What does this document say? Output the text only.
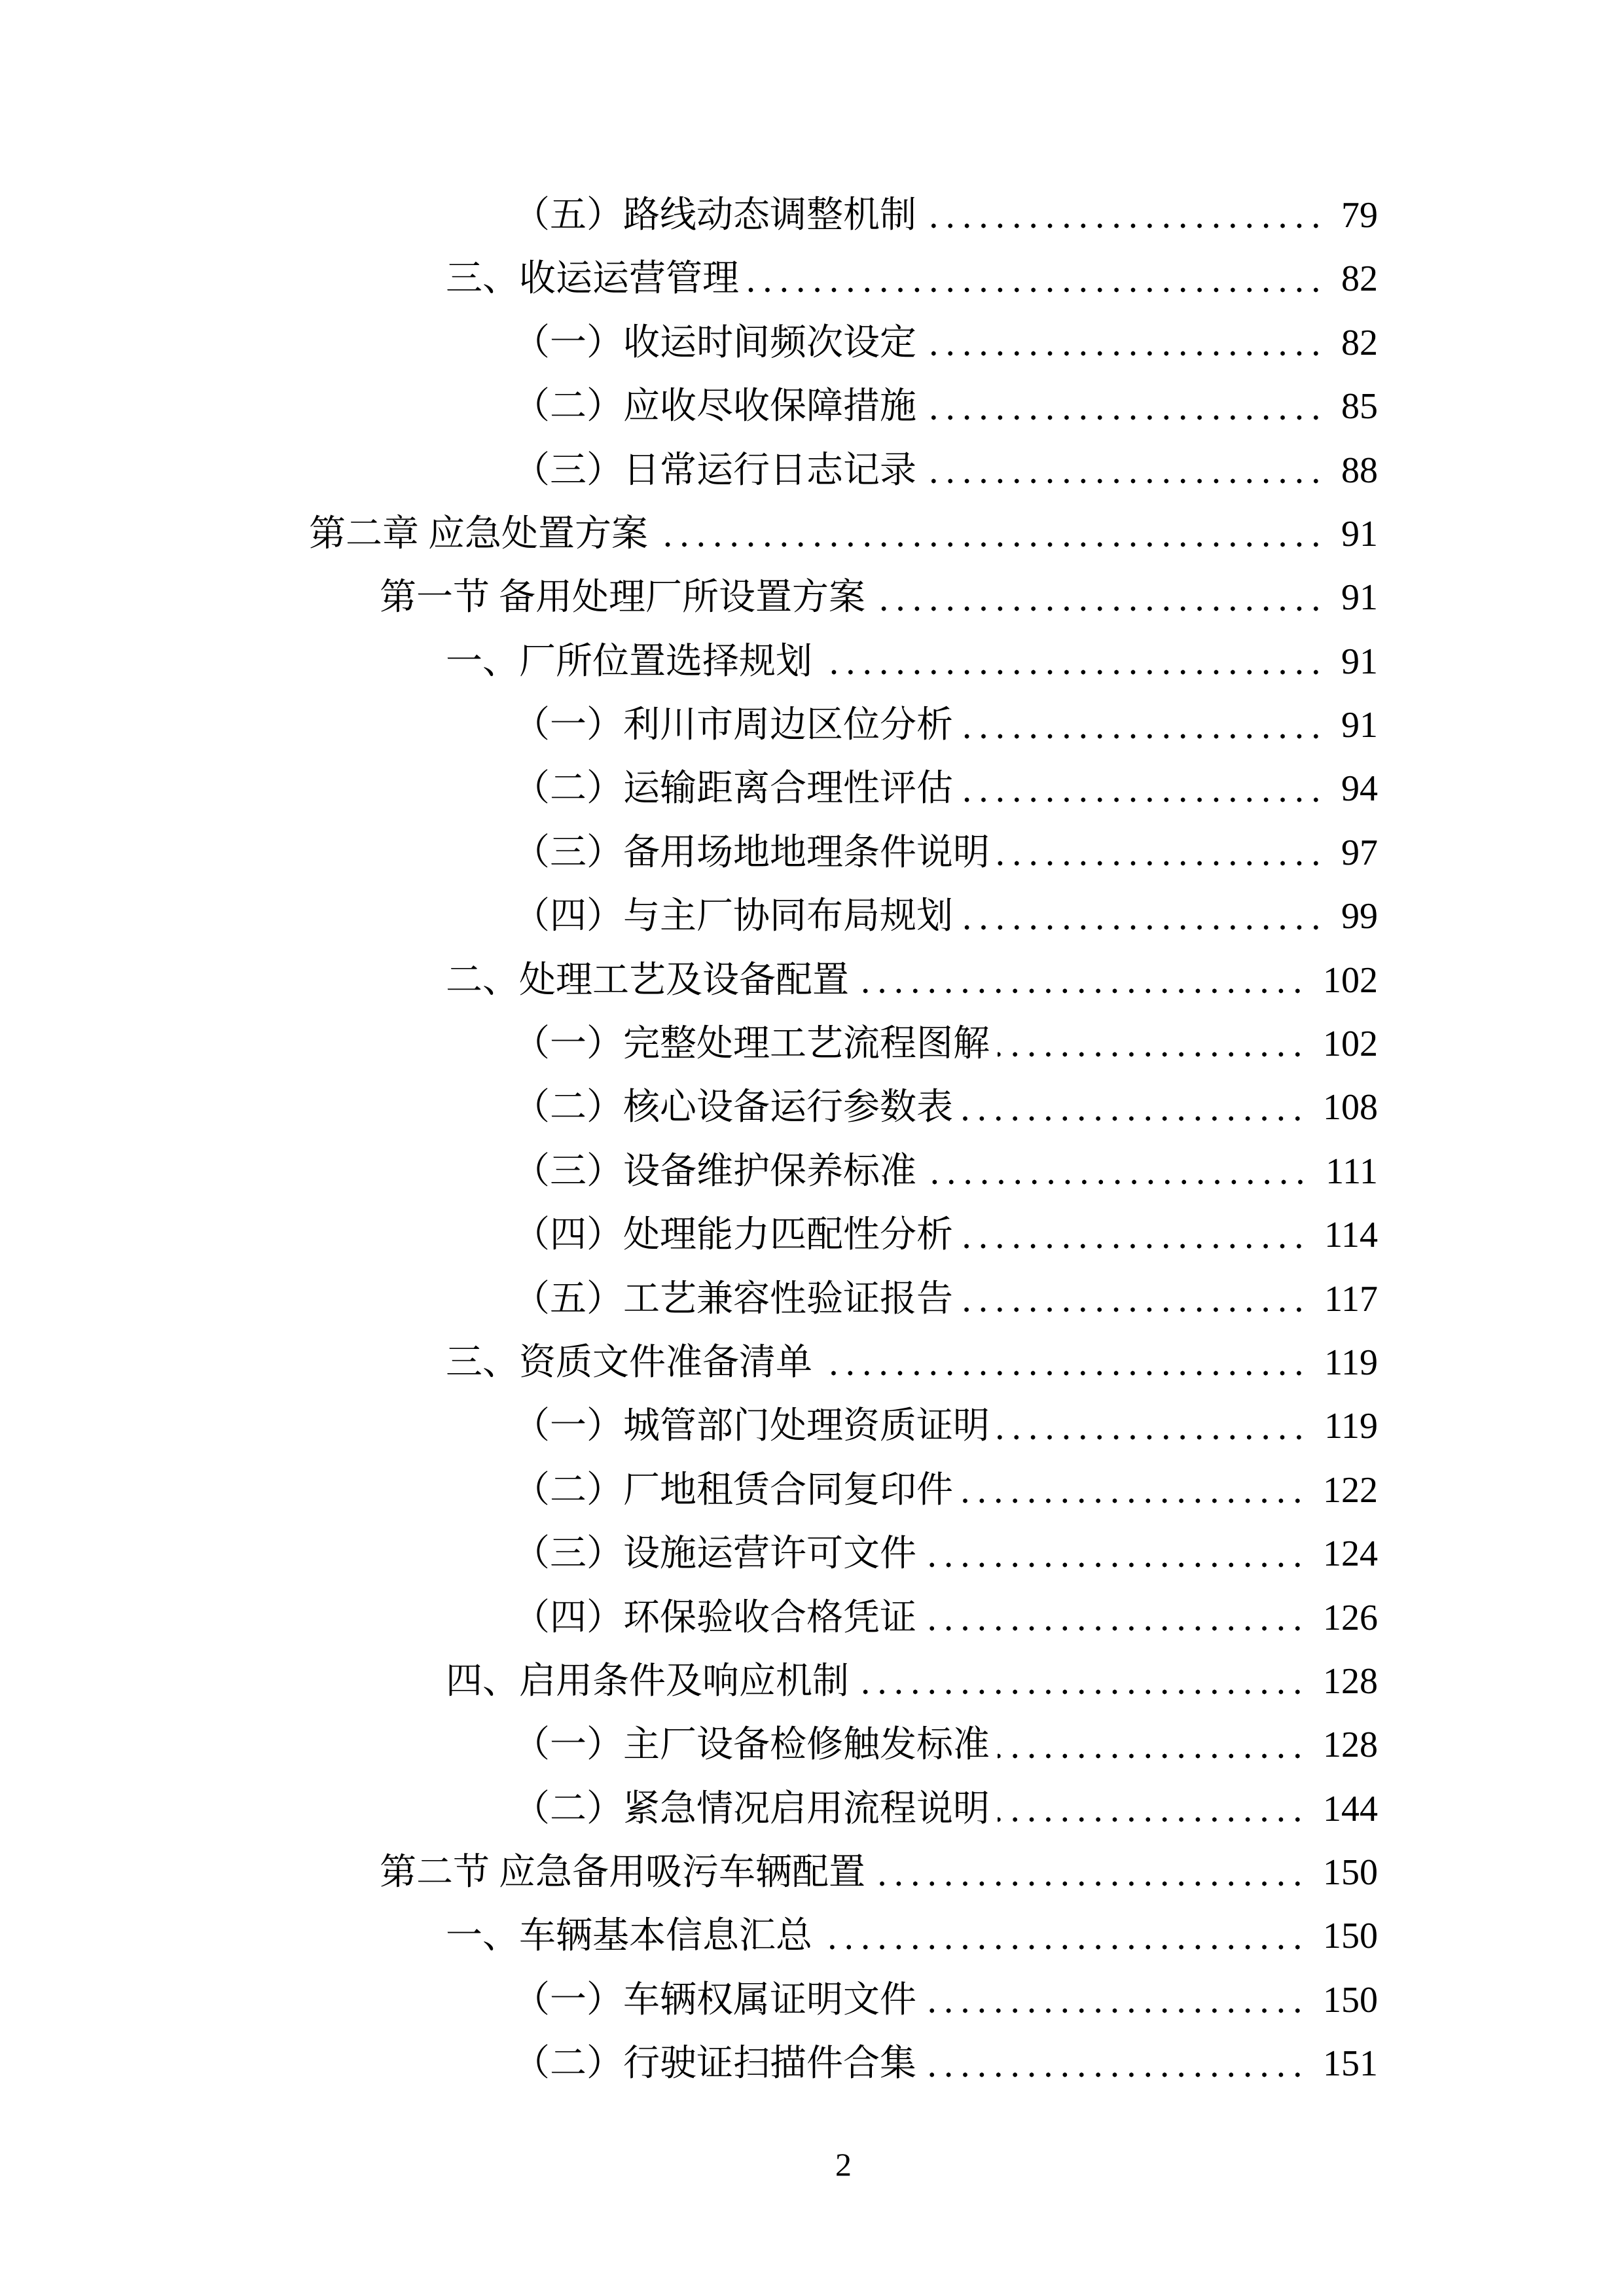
（五）路线动态调整机制	79
三、收运运营管理	82
（一）收运时间频次设定	82
（二）应收尽收保障措施	85
（三）日常运行日志记录	88
第二章 应急处置方案	91
第一节 备用处理厂所设置方案	91
一、厂所位置选择规划	91
（一）利川市周边区位分析	91
（二）运输距离合理性评估	94
（三）备用场地地理条件说明	97
（四）与主厂协同布局规划	99
二、处理工艺及设备配置	102
（一）完整处理工艺流程图解	102
（二）核心设备运行参数表	108
（三）设备维护保养标准	111
（四）处理能力匹配性分析	114
（五）工艺兼容性验证报告	117
三、资质文件准备清单	119
（一）城管部门处理资质证明	119
（二）厂地租赁合同复印件	122
（三）设施运营许可文件	124
（四）环保验收合格凭证	126
四、启用条件及响应机制	128
（一）主厂设备检修触发标准	128
（二）紧急情况启用流程说明	144
第二节 应急备用吸污车辆配置	150
一、车辆基本信息汇总	150
（一）车辆权属证明文件	150
（二）行驶证扫描件合集	151
2
